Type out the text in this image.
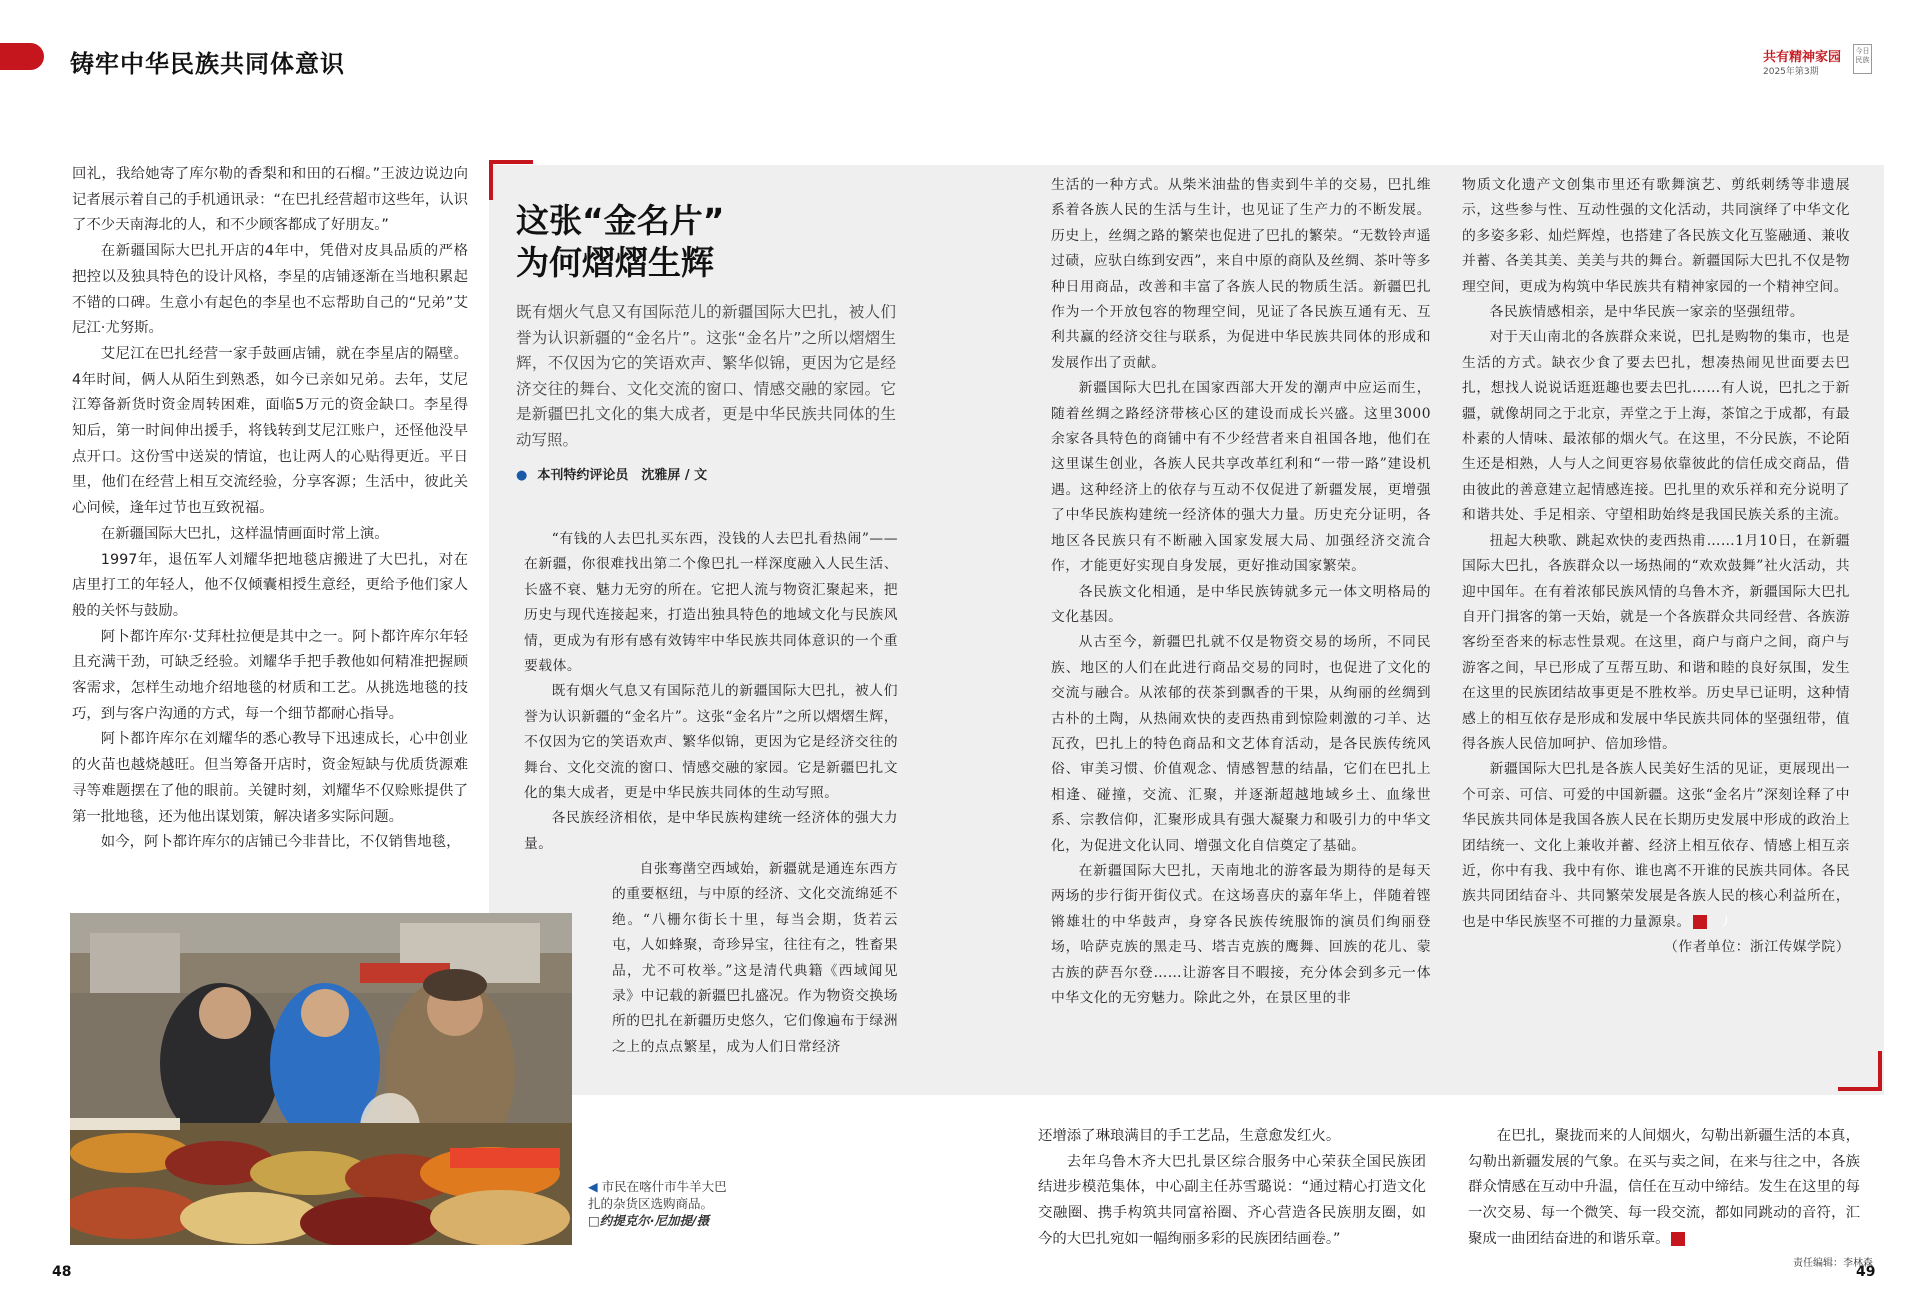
铸牢中华民族共同体意识	共有精神家园
2025年第3期
今日
民族

回礼，我给她寄了库尔勒的香梨和和田的石榴。”王波边说边向记者展示着自己的手机通讯录：“在巴扎经营超市这些年，认识了不少天南海北的人，和不少顾客都成了好朋友。”

在新疆国际大巴扎开店的4年中，凭借对皮具品质的严格把控以及独具特色的设计风格，李星的店铺逐渐在当地积累起不错的口碑。生意小有起色的李星也不忘帮助自己的“兄弟”艾尼江·尤努斯。

艾尼江在巴扎经营一家手鼓画店铺，就在李星店的隔壁。4年时间，俩人从陌生到熟悉，如今已亲如兄弟。去年，艾尼江筹备新货时资金周转困难，面临5万元的资金缺口。李星得知后，第一时间伸出援手，将钱转到艾尼江账户，还怪他没早点开口。这份雪中送炭的情谊，也让两人的心贴得更近。平日里，他们在经营上相互交流经验，分享客源；生活中，彼此关心问候，逢年过节也互致祝福。

在新疆国际大巴扎，这样温情画面时常上演。

1997年，退伍军人刘耀华把地毯店搬进了大巴扎，对在店里打工的年轻人，他不仅倾囊相授生意经，更给予他们家人般的关怀与鼓励。

阿卜都许库尔·艾拜杜拉便是其中之一。阿卜都许库尔年轻且充满干劲，可缺乏经验。刘耀华手把手教他如何精准把握顾客需求，怎样生动地介绍地毯的材质和工艺。从挑选地毯的技巧，到与客户沟通的方式，每一个细节都耐心指导。

阿卜都许库尔在刘耀华的悉心教导下迅速成长，心中创业的火苗也越烧越旺。但当筹备开店时，资金短缺与优质货源难寻等难题摆在了他的眼前。关键时刻，刘耀华不仅赊账提供了第一批地毯，还为他出谋划策，解决诸多实际问题。

如今，阿卜都许库尔的店铺已今非昔比，不仅销售地毯，

这张“金名片”
为何熠熠生辉
既有烟火气息又有国际范儿的新疆国际大巴扎，被人们誉为认识新疆的“金名片”。这张“金名片”之所以熠熠生辉，不仅因为它的笑语欢声、繁华似锦，更因为它是经济交往的舞台、文化交流的窗口、情感交融的家园。它是新疆巴扎文化的集大成者，更是中华民族共同体的生动写照。
● 本刊特约评论员　沈雅屏 / 文

“有钱的人去巴扎买东西，没钱的人去巴扎看热闹”——在新疆，你很难找出第二个像巴扎一样深度融入人民生活、长盛不衰、魅力无穷的所在。它把人流与物资汇聚起来，把历史与现代连接起来，打造出独具特色的地域文化与民族风情，更成为有形有感有效铸牢中华民族共同体意识的一个重要载体。

既有烟火气息又有国际范儿的新疆国际大巴扎，被人们誉为认识新疆的“金名片”。这张“金名片”之所以熠熠生辉，不仅因为它的笑语欢声、繁华似锦，更因为它是经济交往的舞台、文化交流的窗口、情感交融的家园。它是新疆巴扎文化的集大成者，更是中华民族共同体的生动写照。

各民族经济相依，是中华民族构建统一经济体的强大力量。

自张骞凿空西域始，新疆就是通连东西方的重要枢纽，与中原的经济、文化交流绵延不绝。“八栅尔街长十里，每当会期，货若云屯，人如蜂聚，奇珍异宝，往往有之，牲畜果品，尤不可枚举。”这是清代典籍《西域闻见录》中记载的新疆巴扎盛况。作为物资交换场所的巴扎在新疆历史悠久，它们像遍布于绿洲之上的点点繁星，成为人们日常经济

生活的一种方式。从柴米油盐的售卖到牛羊的交易，巴扎维系着各族人民的生活与生计，也见证了生产力的不断发展。历史上，丝绸之路的繁荣也促进了巴扎的繁荣。“无数铃声遥过碛，应驮白练到安西”，来自中原的商队及丝绸、茶叶等多种日用商品，改善和丰富了各族人民的物质生活。新疆巴扎作为一个开放包容的物理空间，见证了各民族互通有无、互利共赢的经济交往与联系，为促进中华民族共同体的形成和发展作出了贡献。

新疆国际大巴扎在国家西部大开发的潮声中应运而生，随着丝绸之路经济带核心区的建设而成长兴盛。这里3000余家各具特色的商铺中有不少经营者来自祖国各地，他们在这里谋生创业，各族人民共享改革红利和“一带一路”建设机遇。这种经济上的依存与互动不仅促进了新疆发展，更增强了中华民族构建统一经济体的强大力量。历史充分证明，各地区各民族只有不断融入国家发展大局、加强经济交流合作，才能更好实现自身发展，更好推动国家繁荣。

各民族文化相通，是中华民族铸就多元一体文明格局的文化基因。

从古至今，新疆巴扎就不仅是物资交易的场所，不同民族、地区的人们在此进行商品交易的同时，也促进了文化的交流与融合。从浓郁的茯茶到飘香的干果，从绚丽的丝绸到古朴的土陶，从热闹欢快的麦西热甫到惊险刺激的刁羊、达瓦孜，巴扎上的特色商品和文艺体育活动，是各民族传统风俗、审美习惯、价值观念、情感智慧的结晶，它们在巴扎上相逢、碰撞，交流、汇聚，并逐渐超越地域乡土、血缘世系、宗教信仰，汇聚形成具有强大凝聚力和吸引力的中华文化，为促进文化认同、增强文化自信奠定了基础。

在新疆国际大巴扎，天南地北的游客最为期待的是每天两场的步行街开街仪式。在这场喜庆的嘉年华上，伴随着铿锵雄壮的中华鼓声，身穿各民族传统服饰的演员们绚丽登场，哈萨克族的黑走马、塔吉克族的鹰舞、回族的花儿、蒙古族的萨吾尔登……让游客目不暇接，充分体会到多元一体中华文化的无穷魅力。除此之外，在景区里的非

物质文化遗产文创集市里还有歌舞演艺、剪纸刺绣等非遗展示，这些参与性、互动性强的文化活动，共同演绎了中华文化的多姿多彩、灿烂辉煌，也搭建了各民族文化互鉴融通、兼收并蓄、各美其美、美美与共的舞台。新疆国际大巴扎不仅是物理空间，更成为构筑中华民族共有精神家园的一个精神空间。

各民族情感相亲，是中华民族一家亲的坚强纽带。

对于天山南北的各族群众来说，巴扎是购物的集市，也是生活的方式。缺衣少食了要去巴扎，想凑热闹见世面要去巴扎，想找人说说话逛逛趣也要去巴扎……有人说，巴扎之于新疆，就像胡同之于北京，弄堂之于上海，茶馆之于成都，有最朴素的人情味、最浓郁的烟火气。在这里，不分民族，不论陌生还是相熟，人与人之间更容易依靠彼此的信任成交商品，借由彼此的善意建立起情感连接。巴扎里的欢乐祥和充分说明了和谐共处、手足相亲、守望相助始终是我国民族关系的主流。

扭起大秧歌、跳起欢快的麦西热甫……1月10日，在新疆国际大巴扎，各族群众以一场热闹的“欢欢鼓舞”社火活动，共迎中国年。在有着浓郁民族风情的乌鲁木齐，新疆国际大巴扎自开门揖客的第一天始，就是一个各族群众共同经营、各族游客纷至沓来的标志性景观。在这里，商户与商户之间，商户与游客之间，早已形成了互帮互助、和谐和睦的良好氛围，发生在这里的民族团结故事更是不胜枚举。历史早已证明，这种情感上的相互依存是形成和发展中华民族共同体的坚强纽带，值得各族人民倍加呵护、倍加珍惜。

新疆国际大巴扎是各族人民美好生活的见证，更展现出一个可亲、可信、可爱的中国新疆。这张“金名片”深刻诠释了中华民族共同体是我国各族人民在长期历史发展中形成的政治上团结统一、文化上兼收并蓄、经济上相互依存、情感上相互亲近，你中有我、我中有你、谁也离不开谁的民族共同体。各民族共同团结奋斗、共同繁荣发展是各族人民的核心利益所在，也是中华民族坚不可摧的力量源泉。	丿

（作者单位：浙江传媒学院）

◀ 市民在喀什市牛羊大巴扎的杂货区选购商品。
□约提克尔·尼加提/摄

还增添了琳琅满目的手工艺品，生意愈发红火。

去年乌鲁木齐大巴扎景区综合服务中心荣获全国民族团结进步模范集体，中心副主任苏雪璐说：“通过精心打造文化交融圈、携手构筑共同富裕圈、齐心营造各民族朋友圈，如今的大巴扎宛如一幅绚丽多彩的民族团结画卷。”

在巴扎，聚拢而来的人间烟火，勾勒出新疆生活的本真，勾勒出新疆发展的气象。在买与卖之间，在来与往之中，各族群众情感在互动中升温，信任在互动中缔结。发生在这里的每一次交易、每一个微笑、每一段交流，都如同跳动的音符，汇聚成一曲团结奋进的和谐乐章。	丿

48	49
责任编辑：李林森
